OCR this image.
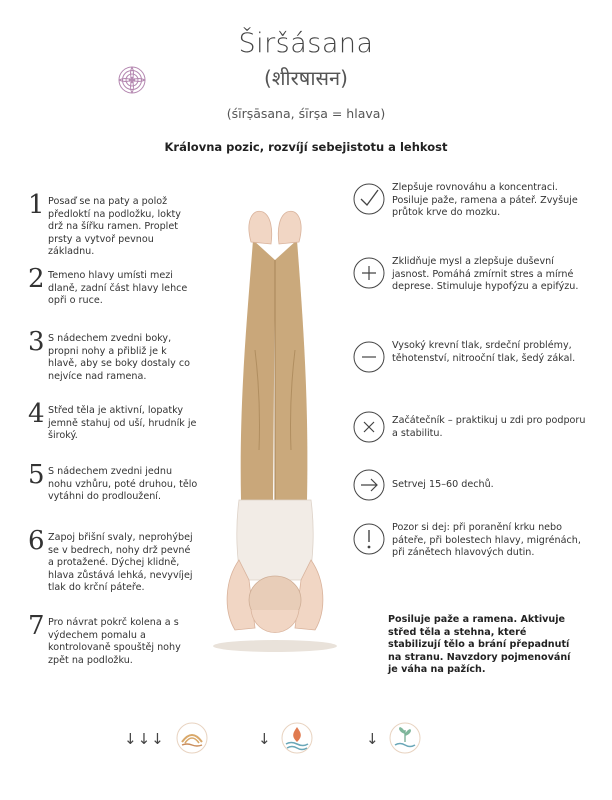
Širšásana
(शीरषासन)
(śīrṣāsana, śīrṣa = hlava)
Královna pozic, rozvíjí sebejistotu a lehkost
1 Posaď se na paty a polož předloktí na podložku, lokty drž na šířku ramen. Proplet prsty a vytvoř pevnou základnu.
2 Temeno hlavy umísti mezi dlaně, zadní část hlavy lehce opři o ruce.
3 S nádechem zvedni boky, propni nohy a přibliž je k hlavě, aby se boky dostaly co nejvíce nad ramena.
4 Střed těla je aktivní, lopatky jemně stahuj od uší, hrudník je široký.
5 S nádechem zvedni jednu nohu vzhůru, poté druhou, tělo vytáhni do prodloužení.
6 Zapoj břišní svaly, neprohýbej se v bedrech, nohy drž pevné a protažené. Dýchej klidně, hlava zůstává lehká, nevyvíjej tlak do krční páteře.
7 Pro návrat pokrč kolena a s výdechem pomalu a kontrolovaně spouštěj nohy zpět na podložku.
Zlepšuje rovnováhu a koncentraci. Posiluje paže, ramena a páteř. Zvyšuje průtok krve do mozku.
Zklidňuje mysl a zlepšuje duševní jasnost. Pomáhá zmírnit stres a mírné deprese. Stimuluje hypofýzu a epifýzu.
Vysoký krevní tlak, srdeční problémy, těhotenství, nitrooční tlak, šedý zákal.
Začátečník – praktikuj u zdi pro podporu a stabilitu.
Setrvej 15–60 dechů.
Pozor si dej: při poranění krku nebo páteře, při bolestech hlavy, migrénách, při zánětech hlavových dutin.
Posiluje paže a ramena. Aktivuje střed těla a stehna, které stabilizují tělo a brání přepadnutí na stranu. Navzdory pojmenování je váha na pažích.
↓↓↓	↓	↓
